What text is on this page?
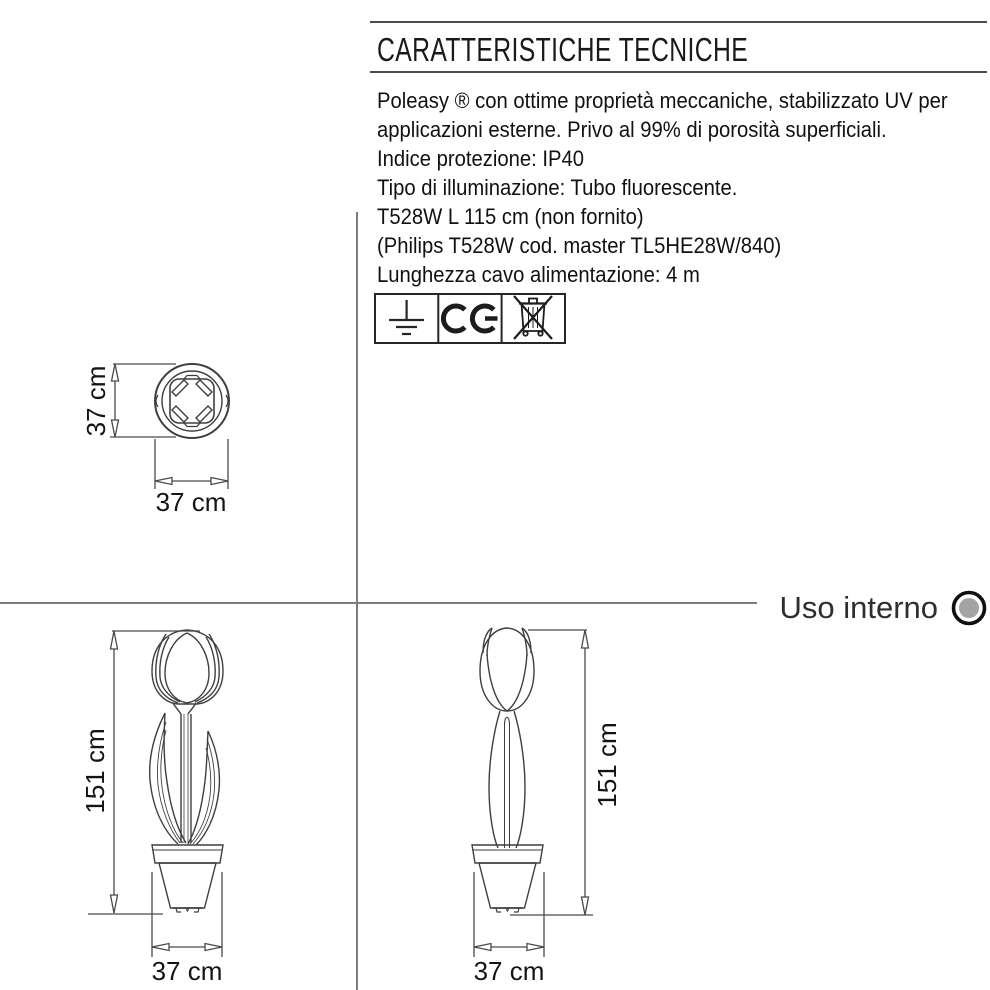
CARATTERISTICHE TECNICHE
Poleasy ® con ottime proprietà meccaniche, stabilizzato UV per
applicazioni esterne. Privo al 99% di porosità superficiali.
Indice protezione: IP40
Tipo di illuminazione: Tubo fluorescente.
T528W L 115 cm (non fornito)
(Philips T528W cod. master TL5HE28W/840)
Lunghezza cavo alimentazione: 4 m
37 cm
37 cm
151 cm
37 cm
151 cm
37 cm
Uso interno
